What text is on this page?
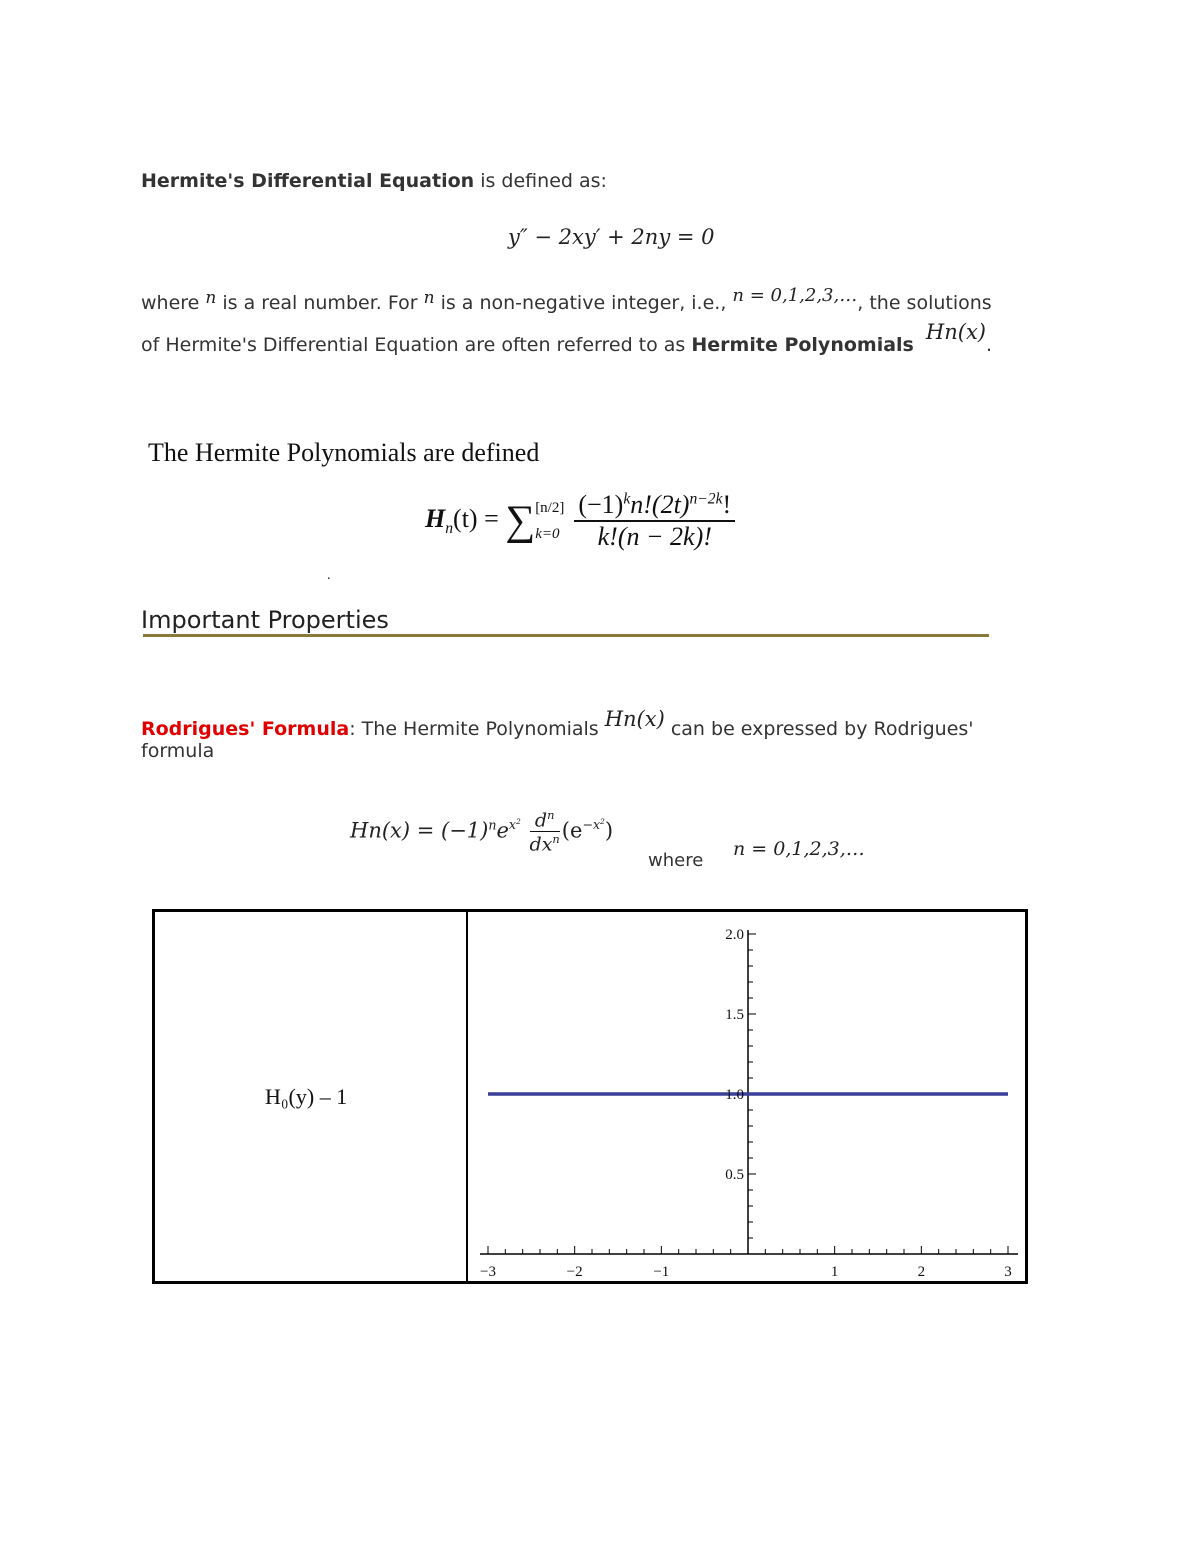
Hermite's Differential Equation is defined as:
y″ − 2xy′ + 2ny = 0
where n is a real number. For n is a non-negative integer, i.e., n = 0,1,2,3,…, the solutions
of Hermite's Differential Equation are often referred to as Hermite Polynomials Hn(x).
The Hermite Polynomials are defined
$H_n(t)$ = ∑ [n/2]
$k=0 \frac{(-1)^kn!(2t)^{n-2k}!}{k!(n - 2k)!}$
.
Important Properties
Rodrigues' Formula: The Hermite Polynomials Hn(x) can be expressed by Rodrigues'
formula
$Hn(x) = (-1)^ne^{x^2} \frac{d^n}{dx^n} (e^{-x^2})$
where
n = 0,1,2,3,…
H₀(y) – 1
−3	−2	−1	1	2	3
0.5
1.0
1.5
2.0
